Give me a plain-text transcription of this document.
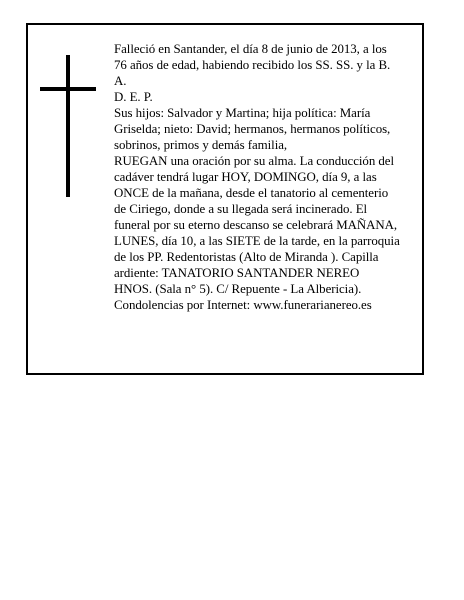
Falleció en Santander, el día 8 de junio de 2013, a los
76 años de edad, habiendo recibido los SS. SS. y la B.
A.
D. E. P.
Sus hijos: Salvador y Martina; hija política: María
Griselda; nieto: David; hermanos, hermanos políticos,
sobrinos, primos y demás familia,
RUEGAN una oración por su alma. La conducción del
cadáver tendrá lugar HOY, DOMINGO, día 9, a las
ONCE de la mañana, desde el tanatorio al cementerio
de Ciriego, donde a su llegada será incinerado. El
funeral por su eterno descanso se celebrará MAÑANA,
LUNES, día 10, a las SIETE de la tarde, en la parroquia
de los PP. Redentoristas (Alto de Miranda ). Capilla
ardiente: TANATORIO SANTANDER NEREO
HNOS. (Sala n° 5). C/ Repuente - La Albericia).
Condolencias por Internet: www.funerarianereo.es
